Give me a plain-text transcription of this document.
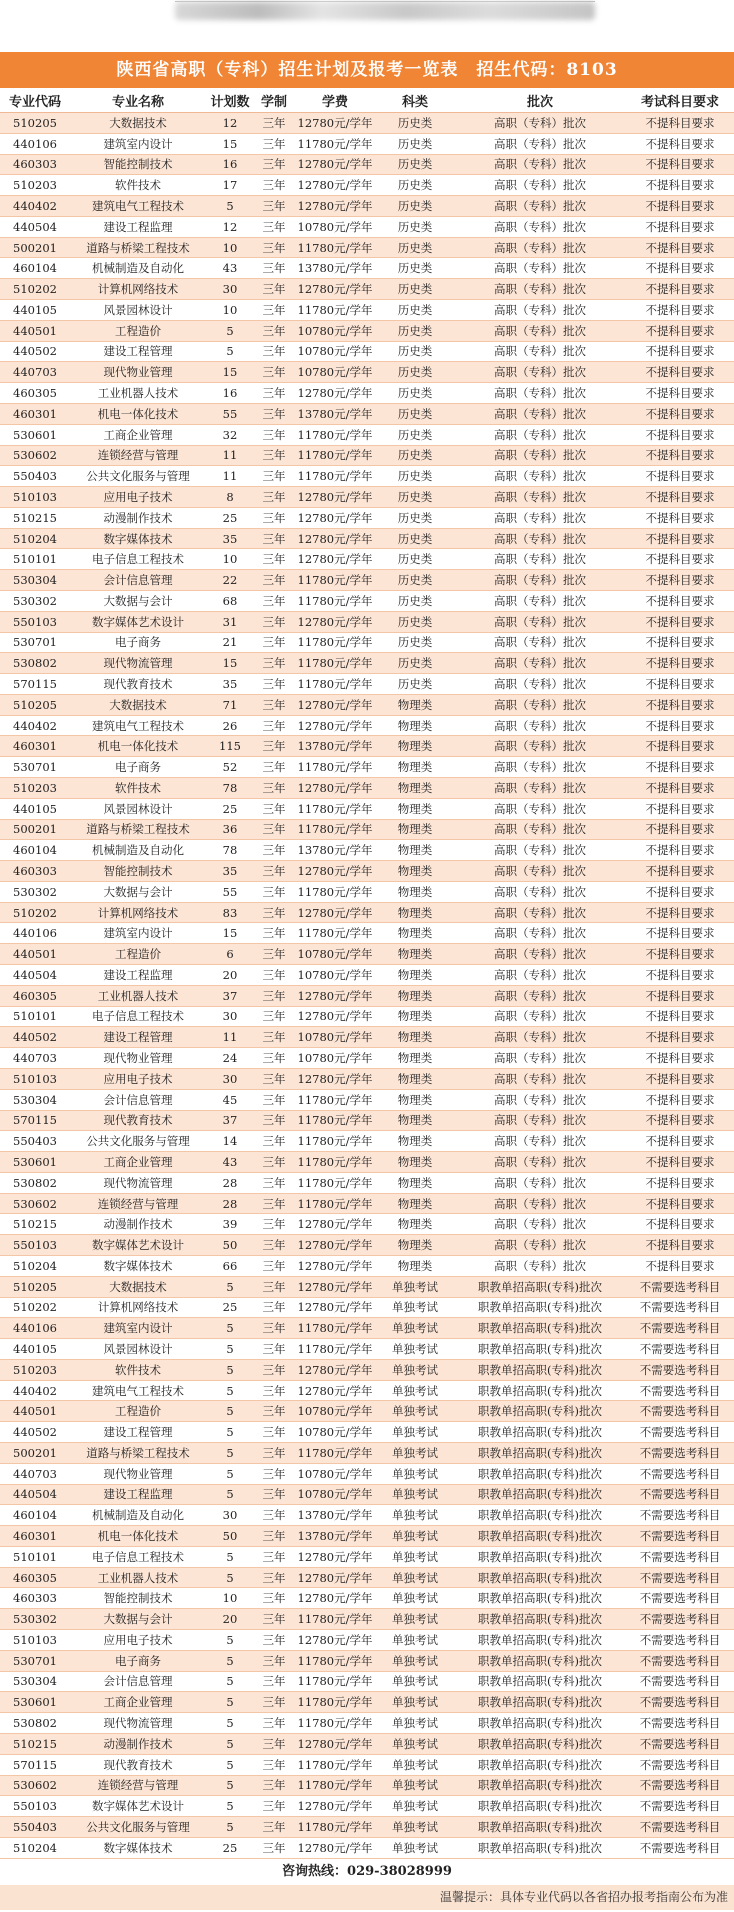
陕西省高职（专科）招生计划及报考一览表　招生代码：8103
专业代码	专业名称	计划数	学制	学费	科类	批次	考试科目要求
510205	大数据技术	12	三年	12780元/学年	历史类	高职（专科）批次	不提科目要求
440106	建筑室内设计	15	三年	11780元/学年	历史类	高职（专科）批次	不提科目要求
460303	智能控制技术	16	三年	12780元/学年	历史类	高职（专科）批次	不提科目要求
510203	软件技术	17	三年	12780元/学年	历史类	高职（专科）批次	不提科目要求
440402	建筑电气工程技术	5	三年	12780元/学年	历史类	高职（专科）批次	不提科目要求
440504	建设工程监理	12	三年	10780元/学年	历史类	高职（专科）批次	不提科目要求
500201	道路与桥梁工程技术	10	三年	11780元/学年	历史类	高职（专科）批次	不提科目要求
460104	机械制造及自动化	43	三年	13780元/学年	历史类	高职（专科）批次	不提科目要求
510202	计算机网络技术	30	三年	12780元/学年	历史类	高职（专科）批次	不提科目要求
440105	风景园林设计	10	三年	11780元/学年	历史类	高职（专科）批次	不提科目要求
440501	工程造价	5	三年	10780元/学年	历史类	高职（专科）批次	不提科目要求
440502	建设工程管理	5	三年	10780元/学年	历史类	高职（专科）批次	不提科目要求
440703	现代物业管理	15	三年	10780元/学年	历史类	高职（专科）批次	不提科目要求
460305	工业机器人技术	16	三年	12780元/学年	历史类	高职（专科）批次	不提科目要求
460301	机电一体化技术	55	三年	13780元/学年	历史类	高职（专科）批次	不提科目要求
530601	工商企业管理	32	三年	11780元/学年	历史类	高职（专科）批次	不提科目要求
530602	连锁经营与管理	11	三年	11780元/学年	历史类	高职（专科）批次	不提科目要求
550403	公共文化服务与管理	11	三年	11780元/学年	历史类	高职（专科）批次	不提科目要求
510103	应用电子技术	8	三年	12780元/学年	历史类	高职（专科）批次	不提科目要求
510215	动漫制作技术	25	三年	12780元/学年	历史类	高职（专科）批次	不提科目要求
510204	数字媒体技术	35	三年	12780元/学年	历史类	高职（专科）批次	不提科目要求
510101	电子信息工程技术	10	三年	12780元/学年	历史类	高职（专科）批次	不提科目要求
530304	会计信息管理	22	三年	11780元/学年	历史类	高职（专科）批次	不提科目要求
530302	大数据与会计	68	三年	11780元/学年	历史类	高职（专科）批次	不提科目要求
550103	数字媒体艺术设计	31	三年	12780元/学年	历史类	高职（专科）批次	不提科目要求
530701	电子商务	21	三年	11780元/学年	历史类	高职（专科）批次	不提科目要求
530802	现代物流管理	15	三年	11780元/学年	历史类	高职（专科）批次	不提科目要求
570115	现代教育技术	35	三年	11780元/学年	历史类	高职（专科）批次	不提科目要求
510205	大数据技术	71	三年	12780元/学年	物理类	高职（专科）批次	不提科目要求
440402	建筑电气工程技术	26	三年	12780元/学年	物理类	高职（专科）批次	不提科目要求
460301	机电一体化技术	115	三年	13780元/学年	物理类	高职（专科）批次	不提科目要求
530701	电子商务	52	三年	11780元/学年	物理类	高职（专科）批次	不提科目要求
510203	软件技术	78	三年	12780元/学年	物理类	高职（专科）批次	不提科目要求
440105	风景园林设计	25	三年	11780元/学年	物理类	高职（专科）批次	不提科目要求
500201	道路与桥梁工程技术	36	三年	11780元/学年	物理类	高职（专科）批次	不提科目要求
460104	机械制造及自动化	78	三年	13780元/学年	物理类	高职（专科）批次	不提科目要求
460303	智能控制技术	35	三年	12780元/学年	物理类	高职（专科）批次	不提科目要求
530302	大数据与会计	55	三年	11780元/学年	物理类	高职（专科）批次	不提科目要求
510202	计算机网络技术	83	三年	12780元/学年	物理类	高职（专科）批次	不提科目要求
440106	建筑室内设计	15	三年	11780元/学年	物理类	高职（专科）批次	不提科目要求
440501	工程造价	6	三年	10780元/学年	物理类	高职（专科）批次	不提科目要求
440504	建设工程监理	20	三年	10780元/学年	物理类	高职（专科）批次	不提科目要求
460305	工业机器人技术	37	三年	12780元/学年	物理类	高职（专科）批次	不提科目要求
510101	电子信息工程技术	30	三年	12780元/学年	物理类	高职（专科）批次	不提科目要求
440502	建设工程管理	11	三年	10780元/学年	物理类	高职（专科）批次	不提科目要求
440703	现代物业管理	24	三年	10780元/学年	物理类	高职（专科）批次	不提科目要求
510103	应用电子技术	30	三年	12780元/学年	物理类	高职（专科）批次	不提科目要求
530304	会计信息管理	45	三年	11780元/学年	物理类	高职（专科）批次	不提科目要求
570115	现代教育技术	37	三年	11780元/学年	物理类	高职（专科）批次	不提科目要求
550403	公共文化服务与管理	14	三年	11780元/学年	物理类	高职（专科）批次	不提科目要求
530601	工商企业管理	43	三年	11780元/学年	物理类	高职（专科）批次	不提科目要求
530802	现代物流管理	28	三年	11780元/学年	物理类	高职（专科）批次	不提科目要求
530602	连锁经营与管理	28	三年	11780元/学年	物理类	高职（专科）批次	不提科目要求
510215	动漫制作技术	39	三年	12780元/学年	物理类	高职（专科）批次	不提科目要求
550103	数字媒体艺术设计	50	三年	12780元/学年	物理类	高职（专科）批次	不提科目要求
510204	数字媒体技术	66	三年	12780元/学年	物理类	高职（专科）批次	不提科目要求
510205	大数据技术	5	三年	12780元/学年	单独考试	职教单招高职(专科)批次	不需要选考科目
510202	计算机网络技术	25	三年	12780元/学年	单独考试	职教单招高职(专科)批次	不需要选考科目
440106	建筑室内设计	5	三年	11780元/学年	单独考试	职教单招高职(专科)批次	不需要选考科目
440105	风景园林设计	5	三年	11780元/学年	单独考试	职教单招高职(专科)批次	不需要选考科目
510203	软件技术	5	三年	12780元/学年	单独考试	职教单招高职(专科)批次	不需要选考科目
440402	建筑电气工程技术	5	三年	12780元/学年	单独考试	职教单招高职(专科)批次	不需要选考科目
440501	工程造价	5	三年	10780元/学年	单独考试	职教单招高职(专科)批次	不需要选考科目
440502	建设工程管理	5	三年	10780元/学年	单独考试	职教单招高职(专科)批次	不需要选考科目
500201	道路与桥梁工程技术	5	三年	11780元/学年	单独考试	职教单招高职(专科)批次	不需要选考科目
440703	现代物业管理	5	三年	10780元/学年	单独考试	职教单招高职(专科)批次	不需要选考科目
440504	建设工程监理	5	三年	10780元/学年	单独考试	职教单招高职(专科)批次	不需要选考科目
460104	机械制造及自动化	30	三年	13780元/学年	单独考试	职教单招高职(专科)批次	不需要选考科目
460301	机电一体化技术	50	三年	13780元/学年	单独考试	职教单招高职(专科)批次	不需要选考科目
510101	电子信息工程技术	5	三年	12780元/学年	单独考试	职教单招高职(专科)批次	不需要选考科目
460305	工业机器人技术	5	三年	12780元/学年	单独考试	职教单招高职(专科)批次	不需要选考科目
460303	智能控制技术	10	三年	12780元/学年	单独考试	职教单招高职(专科)批次	不需要选考科目
530302	大数据与会计	20	三年	11780元/学年	单独考试	职教单招高职(专科)批次	不需要选考科目
510103	应用电子技术	5	三年	12780元/学年	单独考试	职教单招高职(专科)批次	不需要选考科目
530701	电子商务	5	三年	11780元/学年	单独考试	职教单招高职(专科)批次	不需要选考科目
530304	会计信息管理	5	三年	11780元/学年	单独考试	职教单招高职(专科)批次	不需要选考科目
530601	工商企业管理	5	三年	11780元/学年	单独考试	职教单招高职(专科)批次	不需要选考科目
530802	现代物流管理	5	三年	11780元/学年	单独考试	职教单招高职(专科)批次	不需要选考科目
510215	动漫制作技术	5	三年	12780元/学年	单独考试	职教单招高职(专科)批次	不需要选考科目
570115	现代教育技术	5	三年	11780元/学年	单独考试	职教单招高职(专科)批次	不需要选考科目
530602	连锁经营与管理	5	三年	11780元/学年	单独考试	职教单招高职(专科)批次	不需要选考科目
550103	数字媒体艺术设计	5	三年	12780元/学年	单独考试	职教单招高职(专科)批次	不需要选考科目
550403	公共文化服务与管理	5	三年	11780元/学年	单独考试	职教单招高职(专科)批次	不需要选考科目
510204	数字媒体技术	25	三年	12780元/学年	单独考试	职教单招高职(专科)批次	不需要选考科目
咨询热线：029-38028999
温馨提示：具体专业代码以各省招办报考指南公布为准
